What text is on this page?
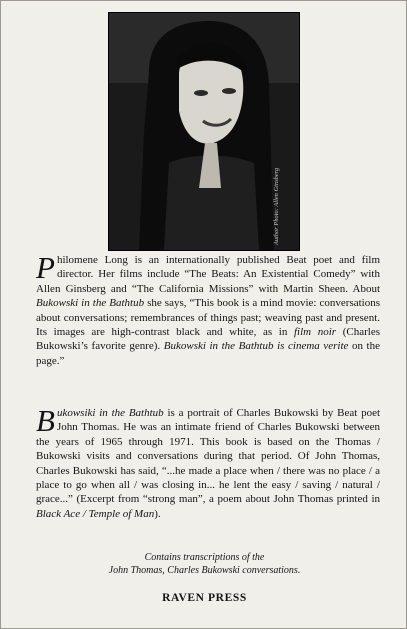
Author Photo: Allen Ginsberg

Philomene Long is an internationally published Beat poet and film director. Her films include “The Beats: An Existential Comedy” with Allen Ginsberg and “The California Missions” with Martin Sheen. About Bukowski in the Bathtub she says, “This book is a mind movie: conversations about conversations; remembrances of things past; weaving past and present. Its images are high-contrast black and white, as in film noir (Charles Bukowski’s favorite genre). Bukowski in the Bathtub is cinema verite on the page.”

Bukowsiki in the Bathtub is a portrait of Charles Bukowski by Beat poet John Thomas. He was an intimate friend of Charles Bukowski between the years of 1965 through 1971. This book is based on the Thomas / Bukowski visits and conversations during that period. Of John Thomas, Charles Bukowski has said, “...he made a place when / there was no place / a place to go when all / was closing in... he lent the easy / saving / natural / grace...” (Excerpt from “strong man”, a poem about John Thomas printed in Black Ace / Temple of Man).

Contains transcriptions of the
John Thomas, Charles Bukowski conversations.
RAVEN PRESS
